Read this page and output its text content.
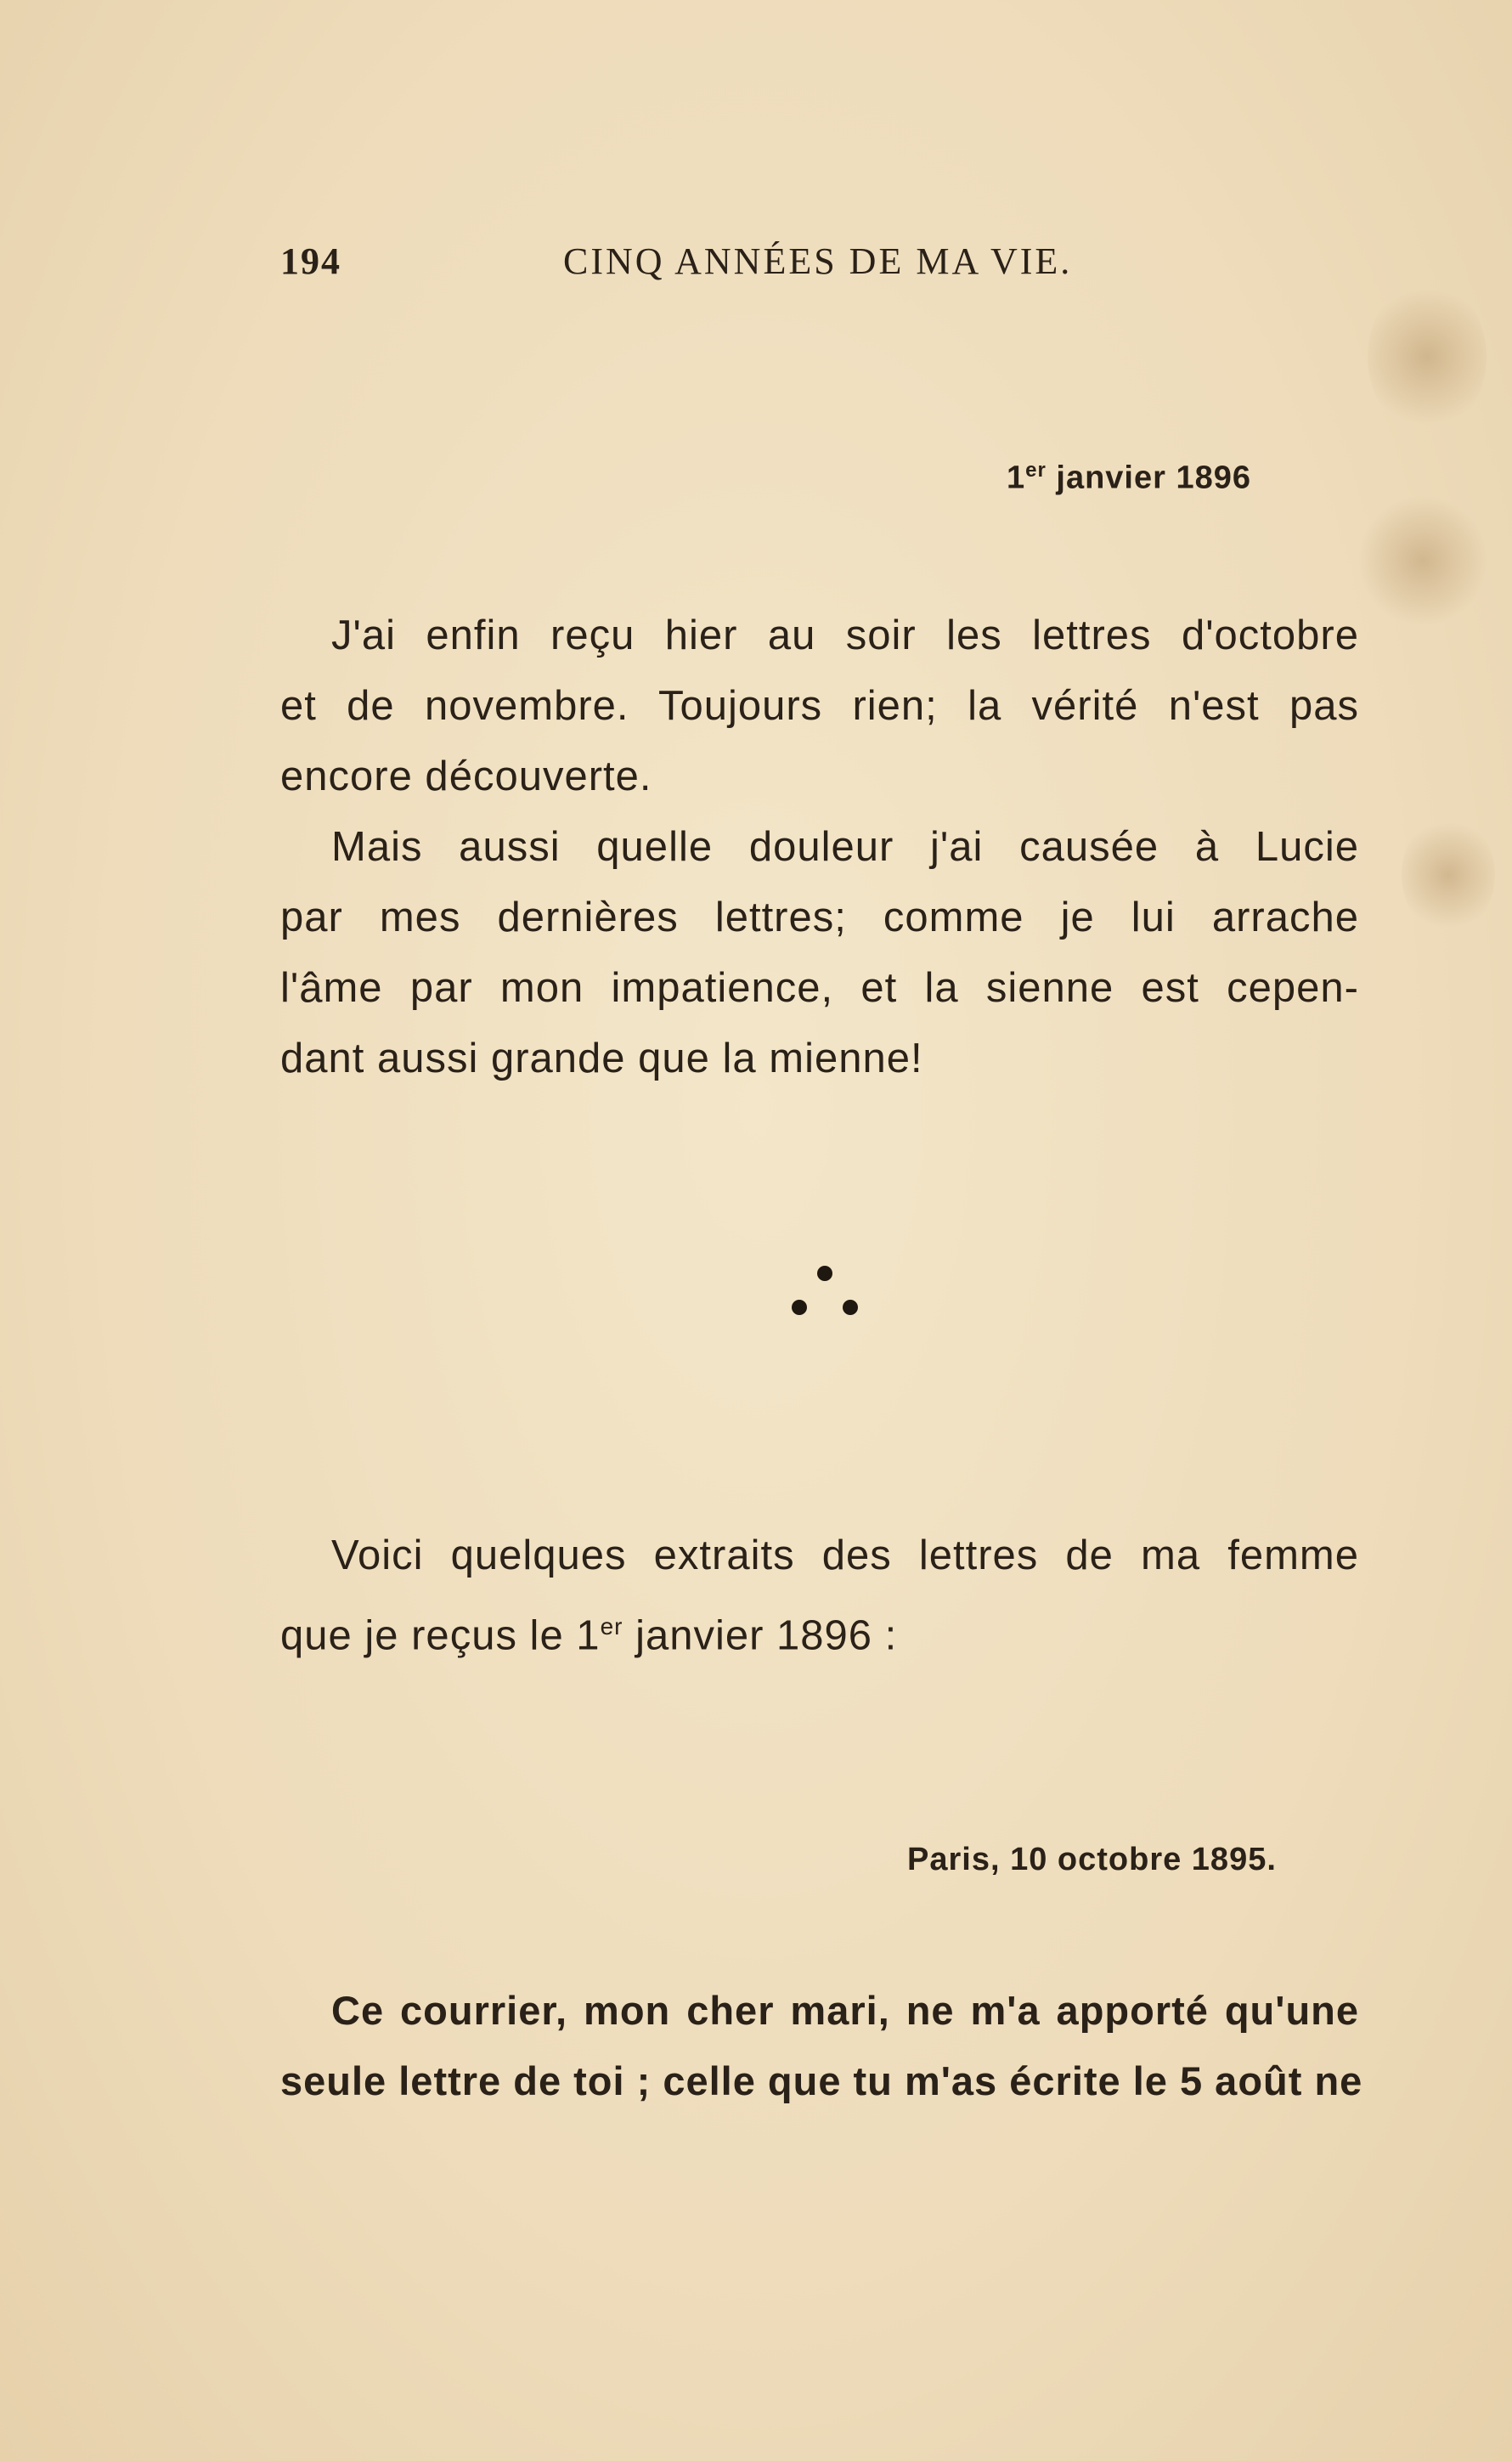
194	CINQ ANNÉES DE MA VIE.
1er janvier 1896
J'ai enfin reçu hier au soir les lettres d'octobre
et de novembre. Toujours rien; la vérité n'est pas
encore découverte.
Mais aussi quelle douleur j'ai causée à Lucie
par mes dernières lettres; comme je lui arrache
l'âme par mon impatience, et la sienne est cepen-
dant aussi grande que la mienne!
Voici quelques extraits des lettres de ma femme
que je reçus le 1er janvier 1896 :
Paris, 10 octobre 1895.
Ce courrier, mon cher mari, ne m'a apporté qu'une
seule lettre de toi ; celle que tu m'as écrite le 5 août ne
